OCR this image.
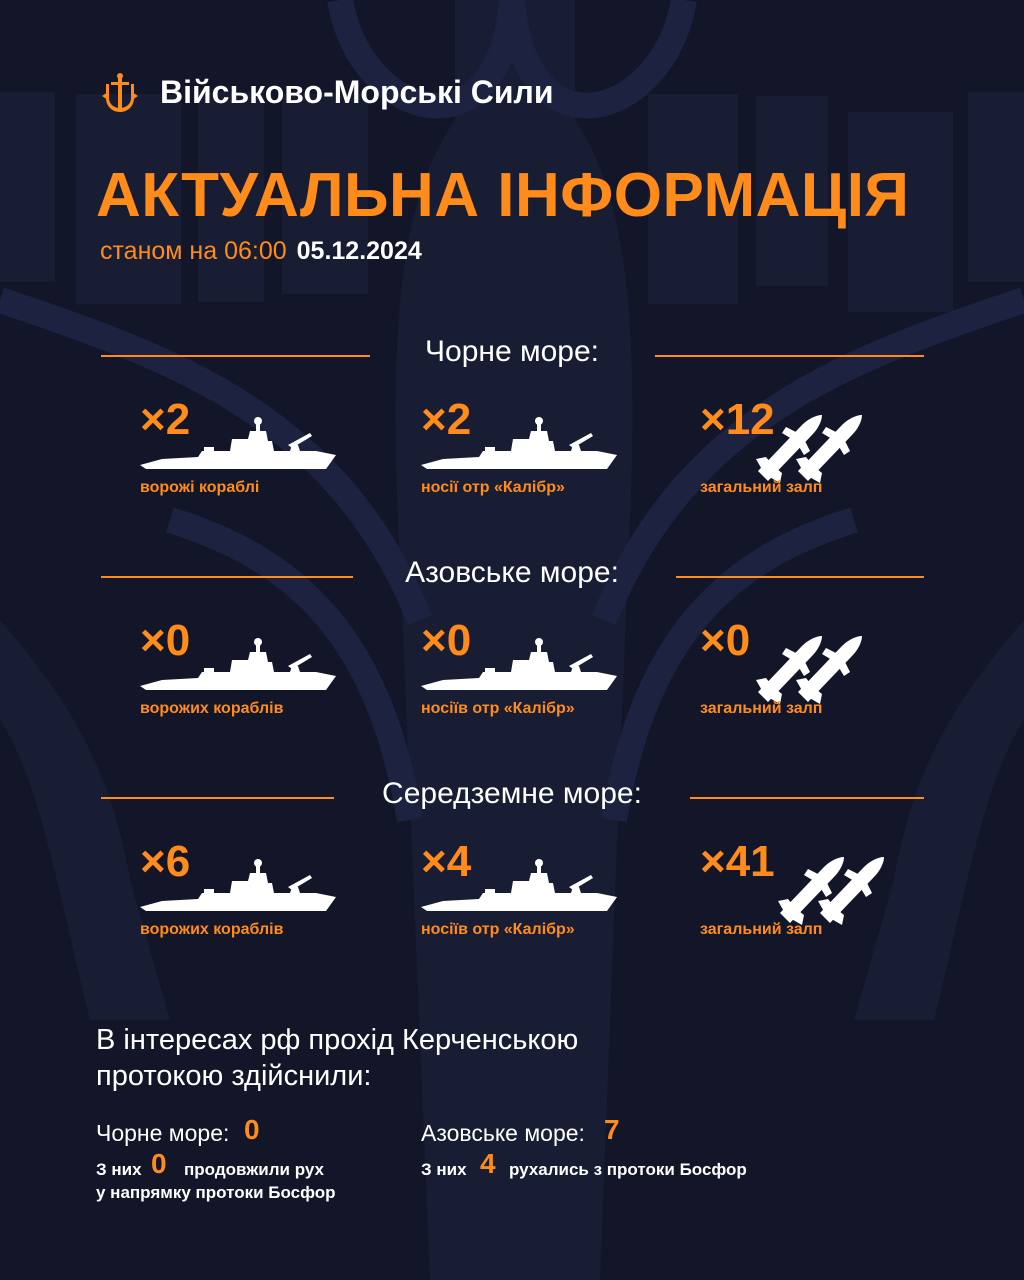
Військово-Морські Сили
АКТУАЛЬНА ІНФОРМАЦІЯ
станом на 06:00 05.12.2024
Чорне море:
×2
ворожі кораблі
×2
носії отр «Калібр»
×12
загальний залп
Азовське море:
×0
ворожих кораблів
×0
носіїв отр «Калібр»
×0
загальний залп
Середземне море:
×6
ворожих кораблів
×4
носіїв отр «Калібр»
×41
загальний залп
В інтересах рф прохід Керченською
протокою здійснили:
Чорне море: 0
З них 0 продовжили рух
у напрямку протоки Босфор
Азовське море: 7
З них 4 рухались з протоки Босфор
